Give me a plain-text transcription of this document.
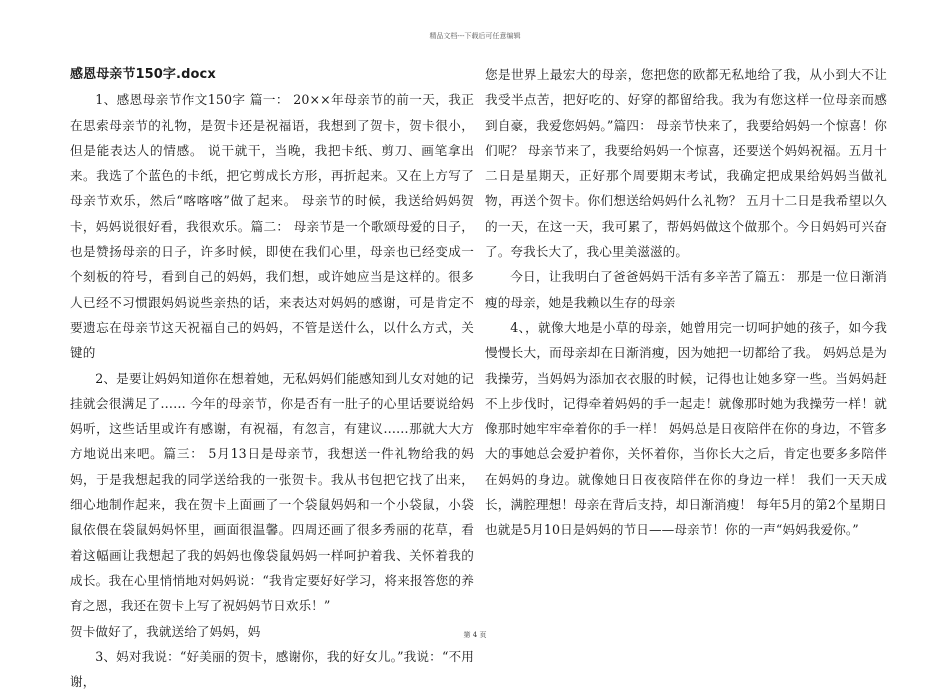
精品文档---下载后可任意编辑

感恩母亲节150字.docx

1、感恩母亲节作文150字 篇一： 20××年母亲节的前一天，我正在思索母亲节的礼物，是贺卡还是祝福语，我想到了贺卡，贺卡很小，但是能表达人的情感。 说干就干，当晚，我把卡纸、剪刀、画笔拿出来。我选了个蓝色的卡纸，把它剪成长方形，再折起来。又在上方写了母亲节欢乐，然后“喀喀喀”做了起来。 母亲节的时候，我送给妈妈贺卡，妈妈说很好看，我很欢乐。篇二： 母亲节是一个歌颂母爱的日子，也是赞扬母亲的日子，许多时候，即使在我们心里，母亲也已经变成一个刻板的符号，看到自己的妈妈，我们想，或许她应当是这样的。很多人已经不习惯跟妈妈说些亲热的话，来表达对妈妈的感谢，可是肯定不要遗忘在母亲节这天祝福自己的妈妈，不管是送什么，以什么方式，关键的

2、是要让妈妈知道你在想着她，无私妈妈们能感知到儿女对她的记挂就会很满足了…… 今年的母亲节，你是否有一肚子的心里话要说给妈妈听，这些话里或许有感谢，有祝福，有忽言，有建议……那就大大方方地说出来吧。篇三： 5月13日是母亲节，我想送一件礼物给我的妈妈，于是我想起我的同学送给我的一张贺卡。我从书包把它找了出来，细心地制作起来，我在贺卡上面画了一个袋鼠妈妈和一个小袋鼠，小袋鼠依偎在袋鼠妈妈怀里，画面很温馨。四周还画了很多秀丽的花草，看着这幅画让我想起了我的妈妈也像袋鼠妈妈一样呵护着我、关怀着我的成长。我在心里悄悄地对妈妈说：“我肯定要好好学习，将来报答您的养育之恩，我还在贺卡上写了祝妈妈节日欢乐！”

贺卡做好了，我就送给了妈妈，妈

3、妈对我说：“好美丽的贺卡，感谢你，我的好女儿。”我说：“不用谢，

您是世界上最宏大的母亲，您把您的欧都无私地给了我，从小到大不让我受半点苦，把好吃的、好穿的都留给我。我为有您这样一位母亲而感到自豪，我爱您妈妈。”篇四： 母亲节快来了，我要给妈妈一个惊喜！你们呢？ 母亲节来了，我要给妈妈一个惊喜，还要送个妈妈祝福。五月十二日是星期天，正好那个周要期末考试，我确定把成果给妈妈当做礼物，再送个贺卡。你们想送给妈妈什么礼物？ 五月十二日是我希望以久的一天，在这一天，我可累了，帮妈妈做这个做那个。今日妈妈可兴奋了。夸我长大了，我心里美滋滋的。

今日，让我明白了爸爸妈妈干活有多辛苦了篇五： 那是一位日渐消瘦的母亲，她是我赖以生存的母亲

4、，就像大地是小草的母亲，她曾用完一切呵护她的孩子，如今我慢慢长大，而母亲却在日渐消瘦，因为她把一切都给了我。 妈妈总是为我操劳，当妈妈为添加衣衣服的时候，记得也让她多穿一些。当妈妈赶不上步伐时，记得牵着妈妈的手一起走！就像那时她为我操劳一样！就像那时她牢牢牵着你的手一样！ 妈妈总是日夜陪伴在你的身边，不管多大的事她总会爱护着你，关怀着你，当你长大之后，肯定也要多多陪伴在妈妈的身边。就像她日日夜夜陪伴在你的身边一样！ 我们一天天成长，满腔理想！母亲在背后支持，却日渐消瘦！ 每年5月的第2个星期日也就是5月10日是妈妈的节日——母亲节！你的一声“妈妈我爱你。”

第 4 页
